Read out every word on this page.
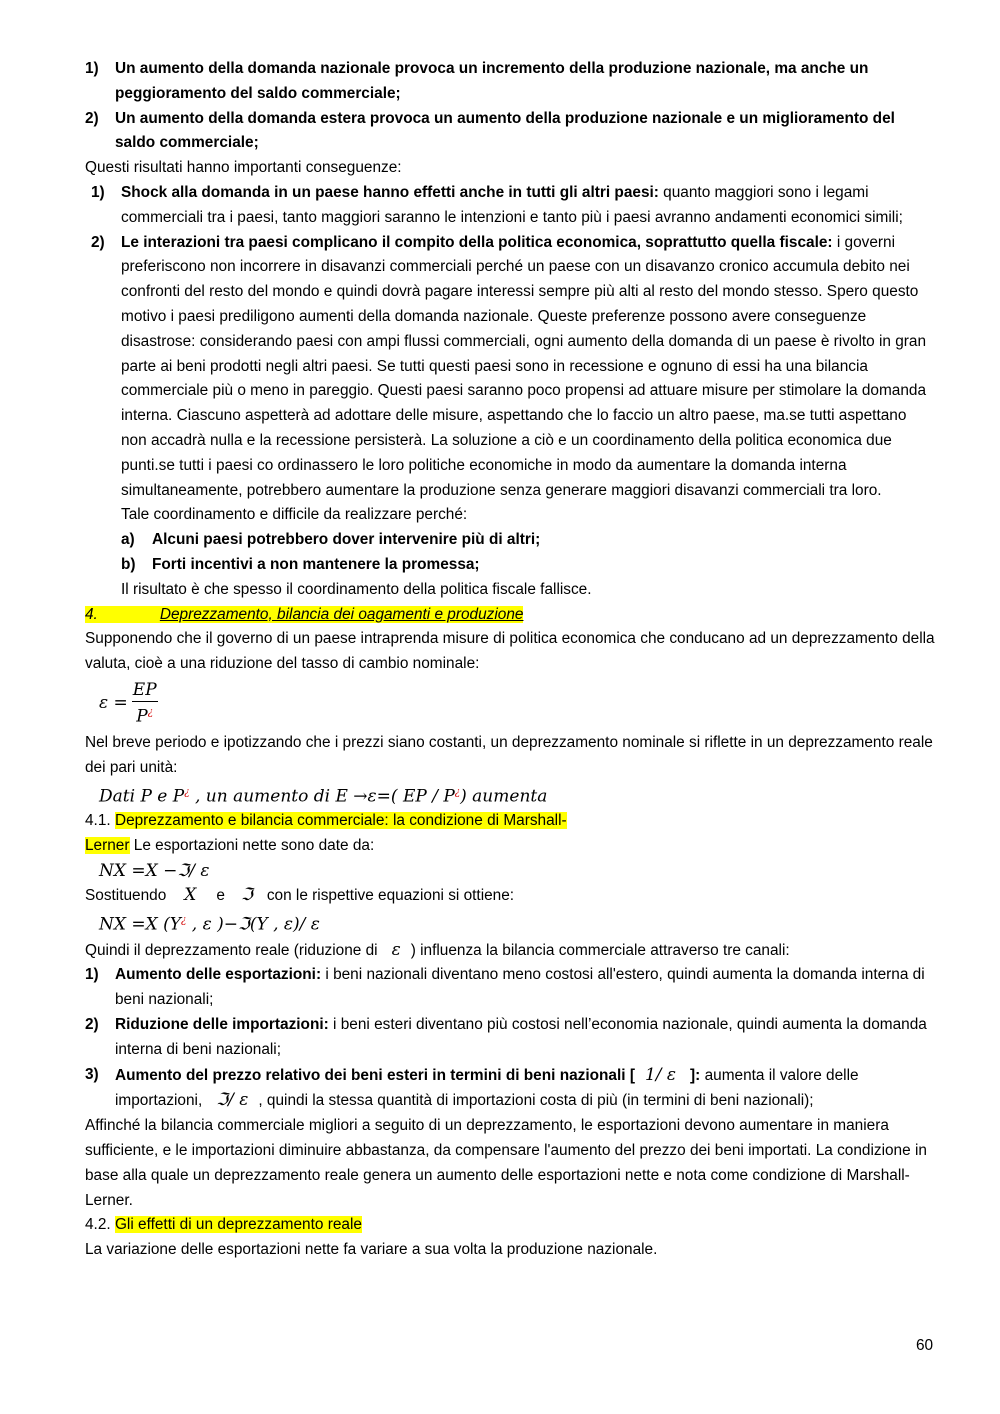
1) Un aumento della domanda nazionale provoca un incremento della produzione nazionale, ma anche un peggioramento del saldo commerciale;
2) Un aumento della domanda estera provoca un aumento della produzione nazionale e un miglioramento del saldo commerciale;

Questi risultati hanno importanti conseguenze:

1) Shock alla domanda in un paese hanno effetti anche in tutti gli altri paesi: quanto maggiori sono i legami commerciali tra i paesi, tanto maggiori saranno le intenzioni e tanto più i paesi avranno andamenti economici simili;
2) Le interazioni tra paesi complicano il compito della politica economica, soprattutto quella fiscale: i governi preferiscono non incorrere in disavanzi commerciali perché un paese con un disavanzo cronico accumula debito nei confronti del resto del mondo e quindi dovrà pagare interessi sempre più alti al resto del mondo stesso. Spero questo motivo i paesi prediligono aumenti della domanda nazionale. Queste preferenze possono avere conseguenze disastrose: considerando paesi con ampi flussi commerciali, ogni aumento della domanda di un paese è rivolto in gran parte ai beni prodotti negli altri paesi. Se tutti questi paesi sono in recessione e ognuno di essi ha una bilancia commerciale più o meno in pareggio. Questi paesi saranno poco propensi ad attuare misure per stimolare la domanda interna. Ciascuno aspetterà ad adottare delle misure, aspettando che lo faccio un altro paese, ma.se tutti aspettano non accadrà nulla e la recessione persisterà. La soluzione a ciò e un coordinamento della politica economica due punti.se tutti i paesi co ordinassero le loro politiche economiche in modo da aumentare la domanda interna simultaneamente, potrebbero aumentare la produzione senza generare maggiori disavanzi commerciali tra loro.

Tale coordinamento e difficile da realizzare perché:

a) Alcuni paesi potrebbero dover intervenire più di altri;
b) Forti incentivi a non mantenere la promessa;

Il risultato è che spesso il coordinamento della politica fiscale fallisce.

4.	Deprezzamento, bilancia dei oagamenti e produzione

Supponendo che il governo di un paese intraprenda misure di politica economica che conducano ad un deprezzamento della valuta, cioè a una riduzione del tasso di cambio nominale:

$\varepsilon = \frac{EP}{P^¿}$

Nel breve periodo e ipotizzando che i prezzi siano costanti, un deprezzamento nominale si riflette in un deprezzamento reale dei pari unità:

Dati P e P¿ , un aumento di E →ε=( EP / P¿) aumenta

4.1. Deprezzamento e bilancia commerciale: la condizione di Marshall-
Lerner Le esportazioni nette sono date da:

NX =X −ℑ/ ε

Sostituendo X e ℑ con le rispettive equazioni si ottiene:

NX =X (Y¿ , ε )−ℑ(Y , ε)/ ε

Quindi il deprezzamento reale (riduzione di ε ) influenza la bilancia commerciale attraverso tre canali:

1) Aumento delle esportazioni: i beni nazionali diventano meno costosi all'estero, quindi aumenta la domanda interna di beni nazionali;
2) Riduzione delle importazioni: i beni esteri diventano più costosi nell’economia nazionale, quindi aumenta la domanda interna di beni nazionali;
3) Aumento del prezzo relativo dei beni esteri in termini di beni nazionali [ 1/ ε ]: aumenta il valore delle importazioni, ℑ/ ε , quindi la stessa quantità di importazioni costa di più (in termini di beni nazionali);

Affinché la bilancia commerciale migliori a seguito di un deprezzamento, le esportazioni devono aumentare in maniera sufficiente, e le importazioni diminuire abbastanza, da compensare l'aumento del prezzo dei beni importati. La condizione in base alla quale un deprezzamento reale genera un aumento delle esportazioni nette e nota come condizione di Marshall-Lerner.

4.2. Gli effetti di un deprezzamento reale

La variazione delle esportazioni nette fa variare a sua volta la produzione nazionale.

60
